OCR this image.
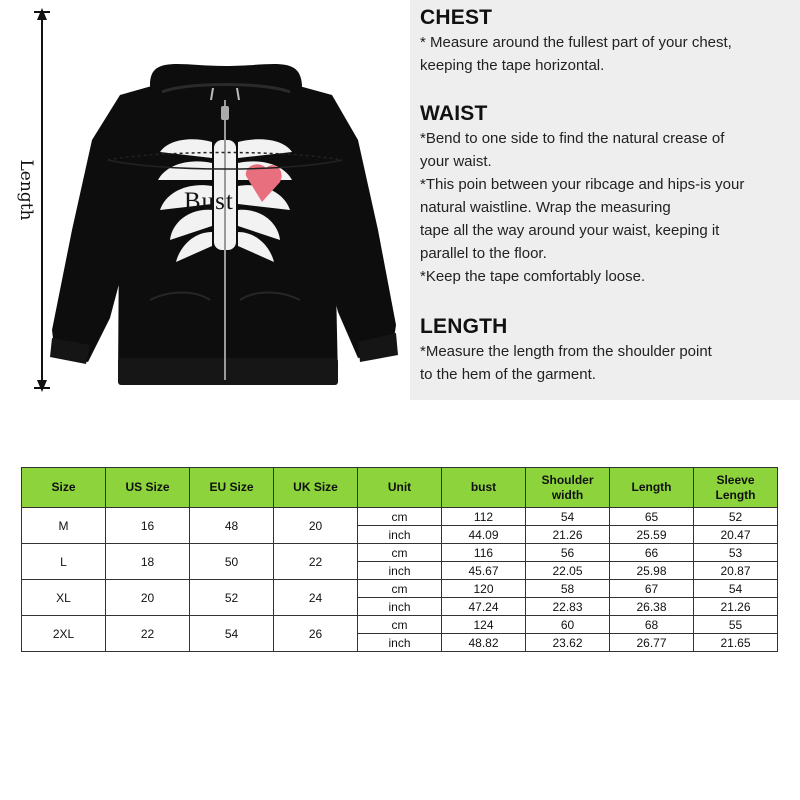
Length	Bust
CHEST
* Measure around the fullest part of your chest,
keeping the tape horizontal.
WAIST
*Bend to one side to find the natural crease of
your waist.
*This poin between your ribcage and hips-is your
natural waistline. Wrap the measuring
tape all the way around your waist, keeping it
parallel to the floor.
*Keep the tape comfortably loose.
LENGTH
*Measure the length from the shoulder point
to the hem of the garment.
Size	US Size	EU Size	UK Size	Unit	bust	Shoulder
width	Length	Sleeve
Length
M	16	48	20	cm	112	54	65	52
				inch	44.09	21.26	25.59	20.47
L	18	50	22	cm	116	56	66	53
				inch	45.67	22.05	25.98	20.87
XL	20	52	24	cm	120	58	67	54
				inch	47.24	22.83	26.38	21.26
2XL	22	54	26	cm	124	60	68	55
				inch	48.82	23.62	26.77	21.65
